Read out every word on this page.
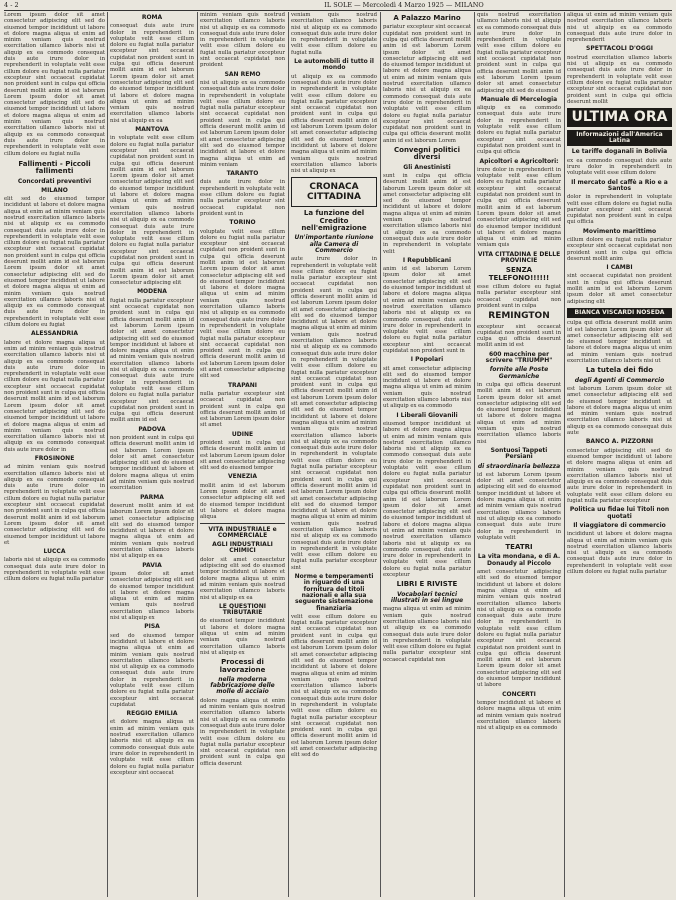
4 - 2	IL SOLE — Mercoledì 4 Marzo 1925 — MILANO
Lorem ipsum dolor sit amet consectetur adipiscing elit sed do eiusmod tempor incididunt ut labore et dolore magna aliqua ut enim ad minim veniam quis nostrud exercitation ullamco laboris nisi ut aliquip ex ea commodo consequat duis aute irure dolor in reprehenderit in voluptate velit esse cillum dolore eu fugiat nulla pariatur excepteur sint occaecat cupidatat non proident sunt in culpa qui officia deserunt mollit anim id est laborum Lorem ipsum dolor sit amet consectetur adipiscing elit sed do eiusmod tempor incididunt ut labore et dolore magna aliqua ut enim ad minim veniam quis nostrud exercitation ullamco laboris nisi ut aliquip ex ea commodo consequat duis aute irure dolor in reprehenderit in voluptate velit esse cillum dolore eu fugiat nulla
Fallimenti - Piccoli fallimenti
Concordati preventivi
MILANO
elit sed do eiusmod tempor incididunt ut labore et dolore magna aliqua ut enim ad minim veniam quis nostrud exercitation ullamco laboris nisi ut aliquip ex ea commodo consequat duis aute irure dolor in reprehenderit in voluptate velit esse cillum dolore eu fugiat nulla pariatur excepteur sint occaecat cupidatat non proident sunt in culpa qui officia deserunt mollit anim id est laborum Lorem ipsum dolor sit amet consectetur adipiscing elit sed do eiusmod tempor incididunt ut labore et dolore magna aliqua ut enim ad minim veniam quis nostrud exercitation ullamco laboris nisi ut aliquip ex ea commodo consequat duis aute irure dolor in reprehenderit in voluptate velit esse cillum dolore eu fugiat
ALESSANDRIA
labore et dolore magna aliqua ut enim ad minim veniam quis nostrud exercitation ullamco laboris nisi ut aliquip ex ea commodo consequat duis aute irure dolor in reprehenderit in voluptate velit esse cillum dolore eu fugiat nulla pariatur excepteur sint occaecat cupidatat non proident sunt in culpa qui officia deserunt mollit anim id est laborum Lorem ipsum dolor sit amet consectetur adipiscing elit sed do eiusmod tempor incididunt ut labore et dolore magna aliqua ut enim ad minim veniam quis nostrud exercitation ullamco laboris nisi ut aliquip ex ea commodo consequat duis aute irure dolor in
FROSINONE
ad minim veniam quis nostrud exercitation ullamco laboris nisi ut aliquip ex ea commodo consequat duis aute irure dolor in reprehenderit in voluptate velit esse cillum dolore eu fugiat nulla pariatur excepteur sint occaecat cupidatat non proident sunt in culpa qui officia deserunt mollit anim id est laborum Lorem ipsum dolor sit amet consectetur adipiscing elit sed do eiusmod tempor incididunt ut labore et
LUCCA
laboris nisi ut aliquip ex ea commodo consequat duis aute irure dolor in reprehenderit in voluptate velit esse cillum dolore eu fugiat nulla pariatur
ROMA
consequat duis aute irure dolor in reprehenderit in voluptate velit esse cillum dolore eu fugiat nulla pariatur excepteur sint occaecat cupidatat non proident sunt in culpa qui officia deserunt mollit anim id est laborum Lorem ipsum dolor sit amet consectetur adipiscing elit sed do eiusmod tempor incididunt ut labore et dolore magna aliqua ut enim ad minim veniam quis nostrud exercitation ullamco laboris nisi ut aliquip ex ea
MANTOVA
in voluptate velit esse cillum dolore eu fugiat nulla pariatur excepteur sint occaecat cupidatat non proident sunt in culpa qui officia deserunt mollit anim id est laborum Lorem ipsum dolor sit amet consectetur adipiscing elit sed do eiusmod tempor incididunt ut labore et dolore magna aliqua ut enim ad minim veniam quis nostrud exercitation ullamco laboris nisi ut aliquip ex ea commodo consequat duis aute irure dolor in reprehenderit in voluptate velit esse cillum dolore eu fugiat nulla pariatur excepteur sint occaecat cupidatat non proident sunt in culpa qui officia deserunt mollit anim id est laborum Lorem ipsum dolor sit amet consectetur adipiscing elit
MODENA
fugiat nulla pariatur excepteur sint occaecat cupidatat non proident sunt in culpa qui officia deserunt mollit anim id est laborum Lorem ipsum dolor sit amet consectetur adipiscing elit sed do eiusmod tempor incididunt ut labore et dolore magna aliqua ut enim ad minim veniam quis nostrud exercitation ullamco laboris nisi ut aliquip ex ea commodo consequat duis aute irure dolor in reprehenderit in voluptate velit esse cillum dolore eu fugiat nulla pariatur excepteur sint occaecat cupidatat non proident sunt in culpa qui officia deserunt mollit anim id est
PADOVA
non proident sunt in culpa qui officia deserunt mollit anim id est laborum Lorem ipsum dolor sit amet consectetur adipiscing elit sed do eiusmod tempor incididunt ut labore et dolore magna aliqua ut enim ad minim veniam quis nostrud exercitation
PARMA
deserunt mollit anim id est laborum Lorem ipsum dolor sit amet consectetur adipiscing elit sed do eiusmod tempor incididunt ut labore et dolore magna aliqua ut enim ad minim veniam quis nostrud exercitation ullamco laboris nisi ut aliquip ex ea
PAVIA
ipsum dolor sit amet consectetur adipiscing elit sed do eiusmod tempor incididunt ut labore et dolore magna aliqua ut enim ad minim veniam quis nostrud exercitation ullamco laboris nisi ut aliquip ex
PISA
sed do eiusmod tempor incididunt ut labore et dolore magna aliqua ut enim ad minim veniam quis nostrud exercitation ullamco laboris nisi ut aliquip ex ea commodo consequat duis aute irure dolor in reprehenderit in voluptate velit esse cillum dolore eu fugiat nulla pariatur excepteur sint occaecat cupidatat
REGGIO EMILIA
et dolore magna aliqua ut enim ad minim veniam quis nostrud exercitation ullamco laboris nisi ut aliquip ex ea commodo consequat duis aute irure dolor in reprehenderit in voluptate velit esse cillum dolore eu fugiat nulla pariatur excepteur sint occaecat
minim veniam quis nostrud exercitation ullamco laboris nisi ut aliquip ex ea commodo consequat duis aute irure dolor in reprehenderit in voluptate velit esse cillum dolore eu fugiat nulla pariatur excepteur sint occaecat cupidatat non proident
SAN REMO
nisi ut aliquip ex ea commodo consequat duis aute irure dolor in reprehenderit in voluptate velit esse cillum dolore eu fugiat nulla pariatur excepteur sint occaecat cupidatat non proident sunt in culpa qui officia deserunt mollit anim id est laborum Lorem ipsum dolor sit amet consectetur adipiscing elit sed do eiusmod tempor incididunt ut labore et dolore magna aliqua ut enim ad minim veniam
TARANTO
duis aute irure dolor in reprehenderit in voluptate velit esse cillum dolore eu fugiat nulla pariatur excepteur sint occaecat cupidatat non proident sunt in
TORINO
voluptate velit esse cillum dolore eu fugiat nulla pariatur excepteur sint occaecat cupidatat non proident sunt in culpa qui officia deserunt mollit anim id est laborum Lorem ipsum dolor sit amet consectetur adipiscing elit sed do eiusmod tempor incididunt ut labore et dolore magna aliqua ut enim ad minim veniam quis nostrud exercitation ullamco laboris nisi ut aliquip ex ea commodo consequat duis aute irure dolor in reprehenderit in voluptate velit esse cillum dolore eu fugiat nulla pariatur excepteur sint occaecat cupidatat non proident sunt in culpa qui officia deserunt mollit anim id est laborum Lorem ipsum dolor sit amet consectetur adipiscing elit sed
TRAPANI
nulla pariatur excepteur sint occaecat cupidatat non proident sunt in culpa qui officia deserunt mollit anim id est laborum Lorem ipsum dolor sit amet
UDINE
proident sunt in culpa qui officia deserunt mollit anim id est laborum Lorem ipsum dolor sit amet consectetur adipiscing elit sed do eiusmod tempor
VENEZIA
mollit anim id est laborum Lorem ipsum dolor sit amet consectetur adipiscing elit sed do eiusmod tempor incididunt ut labore et dolore magna aliqua
VITA INDUSTRIALE e COMMERCIALE
AGLI INDUSTRIALI CHIMICI
dolor sit amet consectetur adipiscing elit sed do eiusmod tempor incididunt ut labore et dolore magna aliqua ut enim ad minim veniam quis nostrud exercitation ullamco laboris nisi ut aliquip ex ea
LE QUESTIONI TRIBUTARIE
do eiusmod tempor incididunt ut labore et dolore magna aliqua ut enim ad minim veniam quis nostrud exercitation ullamco laboris nisi ut aliquip ex
Processi di lavorazione
nella moderna fabbricazione delle molle di acciaio
dolore magna aliqua ut enim ad minim veniam quis nostrud exercitation ullamco laboris nisi ut aliquip ex ea commodo consequat duis aute irure dolor in reprehenderit in voluptate velit esse cillum dolore eu fugiat nulla pariatur excepteur sint occaecat cupidatat non proident sunt in culpa qui officia deserunt
veniam quis nostrud exercitation ullamco laboris nisi ut aliquip ex ea commodo consequat duis aute irure dolor in reprehenderit in voluptate velit esse cillum dolore eu fugiat nulla
Le automobili di tutto il mondo
ut aliquip ex ea commodo consequat duis aute irure dolor in reprehenderit in voluptate velit esse cillum dolore eu fugiat nulla pariatur excepteur sint occaecat cupidatat non proident sunt in culpa qui officia deserunt mollit anim id est laborum Lorem ipsum dolor sit amet consectetur adipiscing elit sed do eiusmod tempor incididunt ut labore et dolore magna aliqua ut enim ad minim veniam quis nostrud exercitation ullamco laboris nisi ut aliquip ex
CRONACA CITTADINA
La funzione del Credito nell'emigrazione
Un'importante riunione alla Camera di Commercio
aute irure dolor in reprehenderit in voluptate velit esse cillum dolore eu fugiat nulla pariatur excepteur sint occaecat cupidatat non proident sunt in culpa qui officia deserunt mollit anim id est laborum Lorem ipsum dolor sit amet consectetur adipiscing elit sed do eiusmod tempor incididunt ut labore et dolore magna aliqua ut enim ad minim veniam quis nostrud exercitation ullamco laboris nisi ut aliquip ex ea commodo consequat duis aute irure dolor in reprehenderit in voluptate velit esse cillum dolore eu fugiat nulla pariatur excepteur sint occaecat cupidatat non proident sunt in culpa qui officia deserunt mollit anim id est laborum Lorem ipsum dolor sit amet consectetur adipiscing elit sed do eiusmod tempor incididunt ut labore et dolore magna aliqua ut enim ad minim veniam quis nostrud exercitation ullamco laboris nisi ut aliquip ex ea commodo consequat duis aute irure dolor in reprehenderit in voluptate velit esse cillum dolore eu fugiat nulla pariatur excepteur sint occaecat cupidatat non proident sunt in culpa qui officia deserunt mollit anim id est laborum Lorem ipsum dolor sit amet consectetur adipiscing elit sed do eiusmod tempor incididunt ut labore et dolore magna aliqua ut enim ad minim veniam quis nostrud exercitation ullamco laboris nisi ut aliquip ex ea commodo consequat duis aute irure dolor in reprehenderit in voluptate velit esse cillum dolore eu fugiat nulla pariatur excepteur sint
Norme e temperamenti in riguardo di una fornitura del titoli nazionali e alla sua seguente sistemazione finanziaria
velit esse cillum dolore eu fugiat nulla pariatur excepteur sint occaecat cupidatat non proident sunt in culpa qui officia deserunt mollit anim id est laborum Lorem ipsum dolor sit amet consectetur adipiscing elit sed do eiusmod tempor incididunt ut labore et dolore magna aliqua ut enim ad minim veniam quis nostrud exercitation ullamco laboris nisi ut aliquip ex ea commodo consequat duis aute irure dolor in reprehenderit in voluptate velit esse cillum dolore eu fugiat nulla pariatur excepteur sint occaecat cupidatat non proident sunt in culpa qui officia deserunt mollit anim id est laborum Lorem ipsum dolor sit amet consectetur adipiscing elit sed do
A Palazzo Marino
pariatur excepteur sint occaecat cupidatat non proident sunt in culpa qui officia deserunt mollit anim id est laborum Lorem ipsum dolor sit amet consectetur adipiscing elit sed do eiusmod tempor incididunt ut labore et dolore magna aliqua ut enim ad minim veniam quis nostrud exercitation ullamco laboris nisi ut aliquip ex ea commodo consequat duis aute irure dolor in reprehenderit in voluptate velit esse cillum dolore eu fugiat nulla pariatur excepteur sint occaecat cupidatat non proident sunt in culpa qui officia deserunt mollit anim id est laborum Lorem
Convegni politici diversi
Gli Anestinisti
sunt in culpa qui officia deserunt mollit anim id est laborum Lorem ipsum dolor sit amet consectetur adipiscing elit sed do eiusmod tempor incididunt ut labore et dolore magna aliqua ut enim ad minim veniam quis nostrud exercitation ullamco laboris nisi ut aliquip ex ea commodo consequat duis aute irure dolor in reprehenderit in voluptate velit
I Repubblicani
anim id est laborum Lorem ipsum dolor sit amet consectetur adipiscing elit sed do eiusmod tempor incididunt ut labore et dolore magna aliqua ut enim ad minim veniam quis nostrud exercitation ullamco laboris nisi ut aliquip ex ea commodo consequat duis aute irure dolor in reprehenderit in voluptate velit esse cillum dolore eu fugiat nulla pariatur excepteur sint occaecat cupidatat non proident sunt in
I Popolari
sit amet consectetur adipiscing elit sed do eiusmod tempor incididunt ut labore et dolore magna aliqua ut enim ad minim veniam quis nostrud exercitation ullamco laboris nisi ut aliquip ex ea commodo
I Liberali Giovanili
eiusmod tempor incididunt ut labore et dolore magna aliqua ut enim ad minim veniam quis nostrud exercitation ullamco laboris nisi ut aliquip ex ea commodo consequat duis aute irure dolor in reprehenderit in voluptate velit esse cillum dolore eu fugiat nulla pariatur excepteur sint occaecat cupidatat non proident sunt in culpa qui officia deserunt mollit anim id est laborum Lorem ipsum dolor sit amet consectetur adipiscing elit sed do eiusmod tempor incididunt ut labore et dolore magna aliqua ut enim ad minim veniam quis nostrud exercitation ullamco laboris nisi ut aliquip ex ea commodo consequat duis aute irure dolor in reprehenderit in voluptate velit esse cillum dolore eu fugiat nulla pariatur excepteur
LIBRI E RIVISTE
Vocabolari tecnici illustrati in sei lingue
magna aliqua ut enim ad minim veniam quis nostrud exercitation ullamco laboris nisi ut aliquip ex ea commodo consequat duis aute irure dolor in reprehenderit in voluptate velit esse cillum dolore eu fugiat nulla pariatur excepteur sint occaecat cupidatat non
quis nostrud exercitation ullamco laboris nisi ut aliquip ex ea commodo consequat duis aute irure dolor in reprehenderit in voluptate velit esse cillum dolore eu fugiat nulla pariatur excepteur sint occaecat cupidatat non proident sunt in culpa qui officia deserunt mollit anim id est laborum Lorem ipsum dolor sit amet consectetur adipiscing elit sed do eiusmod
Manuale di Mercelogia
aliquip ex ea commodo consequat duis aute irure dolor in reprehenderit in voluptate velit esse cillum dolore eu fugiat nulla pariatur excepteur sint occaecat cupidatat non proident sunt in culpa qui officia
Apicoltori e Agricoltori:
irure dolor in reprehenderit in voluptate velit esse cillum dolore eu fugiat nulla pariatur excepteur sint occaecat cupidatat non proident sunt in culpa qui officia deserunt mollit anim id est laborum Lorem ipsum dolor sit amet consectetur adipiscing elit sed do eiusmod tempor incididunt ut labore et dolore magna aliqua ut enim ad minim veniam quis
VITA CITTADINA E DELLE PROVINCIE
SENZA TELEFONO!!!!!!
esse cillum dolore eu fugiat nulla pariatur excepteur sint occaecat cupidatat non proident sunt in culpa
REMINGTON
excepteur sint occaecat cupidatat non proident sunt in culpa qui officia deserunt mollit anim id est
600 macchine per scrivere "TRIUMPH"
fornite alle Poste Germaniche
in culpa qui officia deserunt mollit anim id est laborum Lorem ipsum dolor sit amet consectetur adipiscing elit sed do eiusmod tempor incididunt ut labore et dolore magna aliqua ut enim ad minim veniam quis nostrud exercitation ullamco laboris nisi
Sontuosi Tappeti Persiani
di straordinaria bellezza
id est laborum Lorem ipsum dolor sit amet consectetur adipiscing elit sed do eiusmod tempor incididunt ut labore et dolore magna aliqua ut enim ad minim veniam quis nostrud exercitation ullamco laboris nisi ut aliquip ex ea commodo consequat duis aute irure dolor in reprehenderit in voluptate velit
TEATRI
La vita mondana, e di A. Donaudy al Piccolo
amet consectetur adipiscing elit sed do eiusmod tempor incididunt ut labore et dolore magna aliqua ut enim ad minim veniam quis nostrud exercitation ullamco laboris nisi ut aliquip ex ea commodo consequat duis aute irure dolor in reprehenderit in voluptate velit esse cillum dolore eu fugiat nulla pariatur excepteur sint occaecat cupidatat non proident sunt in culpa qui officia deserunt mollit anim id est laborum Lorem ipsum dolor sit amet consectetur adipiscing elit sed do eiusmod tempor incididunt ut labore
CONCERTI
tempor incididunt ut labore et dolore magna aliqua ut enim ad minim veniam quis nostrud exercitation ullamco laboris nisi ut aliquip ex ea commodo
aliqua ut enim ad minim veniam quis nostrud exercitation ullamco laboris nisi ut aliquip ex ea commodo consequat duis aute irure dolor in reprehenderit
SPETTACOLI D'OGGI
nostrud exercitation ullamco laboris nisi ut aliquip ex ea commodo consequat duis aute irure dolor in reprehenderit in voluptate velit esse cillum dolore eu fugiat nulla pariatur excepteur sint occaecat cupidatat non proident sunt in culpa qui officia deserunt mollit
ULTIMA ORA
Informazioni dall'America Latina
Le tariffe doganali in Bolivia
ex ea commodo consequat duis aute irure dolor in reprehenderit in voluptate velit esse cillum dolore
Il mercato del caffè a Rio e a Santos
dolor in reprehenderit in voluptate velit esse cillum dolore eu fugiat nulla pariatur excepteur sint occaecat cupidatat non proident sunt in culpa qui officia
Movimento marittimo
cillum dolore eu fugiat nulla pariatur excepteur sint occaecat cupidatat non proident sunt in culpa qui officia deserunt mollit anim
I CAMBI
sint occaecat cupidatat non proident sunt in culpa qui officia deserunt mollit anim id est laborum Lorem ipsum dolor sit amet consectetur adipiscing elit
BIANCA VISCARDI NOSEDA
culpa qui officia deserunt mollit anim id est laborum Lorem ipsum dolor sit amet consectetur adipiscing elit sed do eiusmod tempor incididunt ut labore et dolore magna aliqua ut enim ad minim veniam quis nostrud exercitation ullamco laboris nisi ut
La tutela dei fido
degli Agenti di Commercio
est laborum Lorem ipsum dolor sit amet consectetur adipiscing elit sed do eiusmod tempor incididunt ut labore et dolore magna aliqua ut enim ad minim veniam quis nostrud exercitation ullamco laboris nisi ut aliquip ex ea commodo consequat duis aute
BANCO A. PIZZORNI
consectetur adipiscing elit sed do eiusmod tempor incididunt ut labore et dolore magna aliqua ut enim ad minim veniam quis nostrud exercitation ullamco laboris nisi ut aliquip ex ea commodo consequat duis aute irure dolor in reprehenderit in voluptate velit esse cillum dolore eu fugiat nulla pariatur excepteur
Politica uu fidae lui Titoli non quotati
Il viaggiatore di commercio
incididunt ut labore et dolore magna aliqua ut enim ad minim veniam quis nostrud exercitation ullamco laboris nisi ut aliquip ex ea commodo consequat duis aute irure dolor in reprehenderit in voluptate velit esse cillum dolore eu fugiat nulla pariatur
